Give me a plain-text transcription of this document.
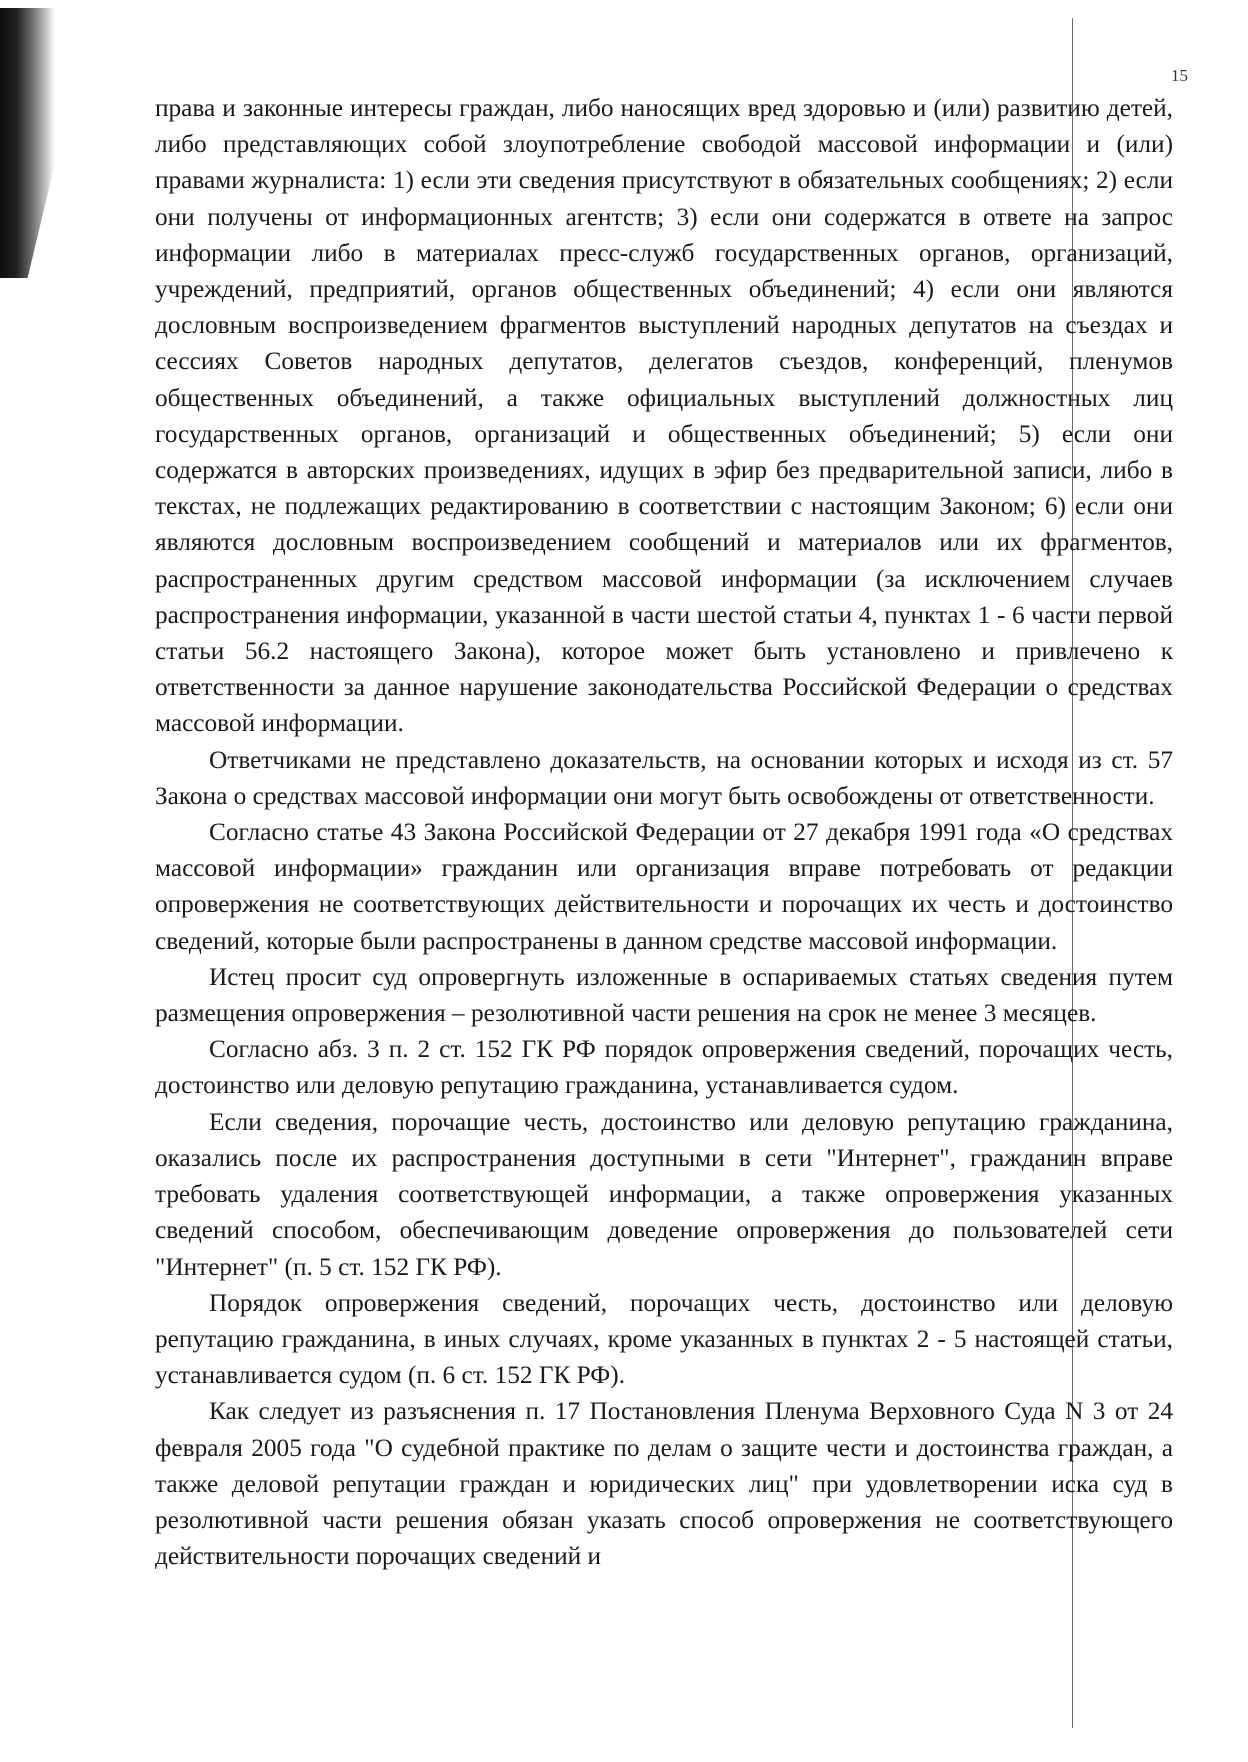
15

права и законные интересы граждан, либо наносящих вред здоровью и (или) развитию детей, либо представляющих собой злоупотребление свободой массовой информации и (или) правами журналиста: 1) если эти сведения присутствуют в обязательных сообщениях; 2) если они получены от информационных агентств; 3) если они содержатся в ответе на запрос информации либо в материалах пресс-служб государственных органов, организаций, учреждений, предприятий, органов общественных объединений; 4) если они являются дословным воспроизведением фрагментов выступлений народных депутатов на съездах и сессиях Советов народных депутатов, делегатов съездов, конференций, пленумов общественных объединений, а также официальных выступлений должностных лиц государственных органов, организаций и общественных объединений; 5) если они содержатся в авторских произведениях, идущих в эфир без предварительной записи, либо в текстах, не подлежащих редактированию в соответствии с настоящим Законом; 6) если они являются дословным воспроизведением сообщений и материалов или их фрагментов, распространенных другим средством массовой информации (за исключением случаев распространения информации, указанной в части шестой статьи 4, пунктах 1 - 6 части первой статьи 56.2 настоящего Закона), которое может быть установлено и привлечено к ответственности за данное нарушение законодательства Российской Федерации о средствах массовой информации.

Ответчиками не представлено доказательств, на основании которых и исходя из ст. 57 Закона о средствах массовой информации они могут быть освобождены от ответственности.

Согласно статье 43 Закона Российской Федерации от 27 декабря 1991 года «О средствах массовой информации» гражданин или организация вправе потребовать от редакции опровержения не соответствующих действительности и порочащих их честь и достоинство сведений, которые были распространены в данном средстве массовой информации.

Истец просит суд опровергнуть изложенные в оспариваемых статьях сведения путем размещения опровержения – резолютивной части решения на срок не менее 3 месяцев.

Согласно абз. 3 п. 2 ст. 152 ГК РФ порядок опровержения сведений, порочащих честь, достоинство или деловую репутацию гражданина, устанавливается судом.

Если сведения, порочащие честь, достоинство или деловую репутацию гражданина, оказались после их распространения доступными в сети "Интернет", гражданин вправе требовать удаления соответствующей информации, а также опровержения указанных сведений способом, обеспечивающим доведение опровержения до пользователей сети "Интернет" (п. 5 ст. 152 ГК РФ).

Порядок опровержения сведений, порочащих честь, достоинство или деловую репутацию гражданина, в иных случаях, кроме указанных в пунктах 2 - 5 настоящей статьи, устанавливается судом (п. 6 ст. 152 ГК РФ).

Как следует из разъяснения п. 17 Постановления Пленума Верховного Суда N 3 от 24 февраля 2005 года "О судебной практике по делам о защите чести и достоинства граждан, а также деловой репутации граждан и юридических лиц" при удовлетворении иска суд в резолютивной части решения обязан указать способ опровержения не соответствующего действительности порочащих сведений и
